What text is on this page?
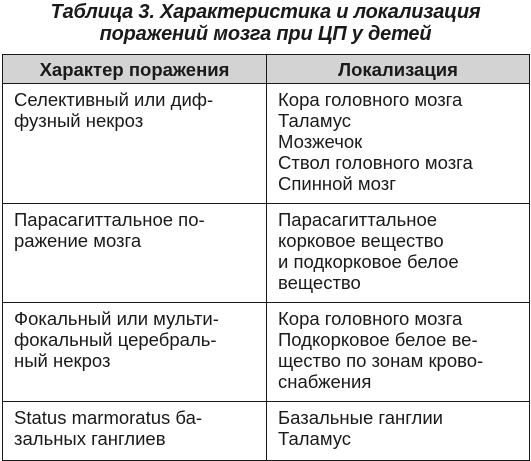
Таблица 3. Характеристика и локализация
поражений мозга при ЦП у детей
Характер поражения	Локализация

Селективный или диф-
фузный некроз	Кора головного мозга
Таламус
Мозжечок
Ствол головного мозга
Спинной мозг

Парасагиттальное по-
ражение мозга	Парасагиттальное
корковое вещество
и подкорковое белое
вещество

Фокальный или мульти-
фокальный церебраль-
ный некроз	Кора головного мозга
Подкорковое белое ве-
щество по зонам крово-
снабжения

Status marmoratus ба-
зальных ганглиев	Базальные ганглии
Таламус
